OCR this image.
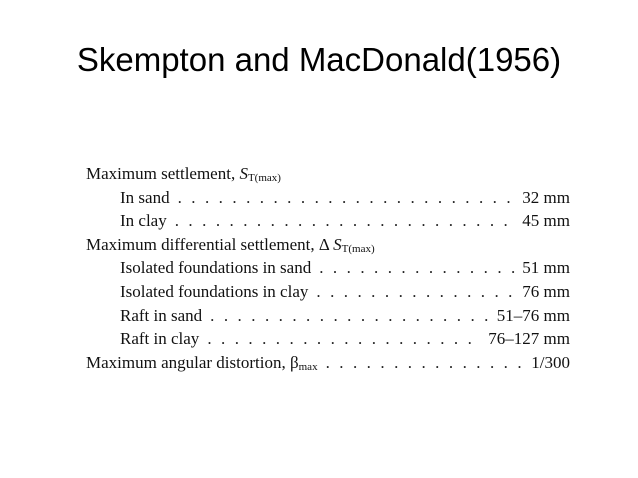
Skempton and MacDonald(1956)
Maximum settlement, $S_{T(max)}$
In sand . . .	32 mm
In clay . . .	45 mm
Maximum differential settlement, Δ $S_{T(max)}$
Isolated foundations in sand . . .	51 mm
Isolated foundations in clay . . .	76 mm
Raft in sand . . .	51–76 mm
Raft in clay . . .	76–127 mm
Maximum angular distortion, $\beta_{max}$ . . .	1/300
